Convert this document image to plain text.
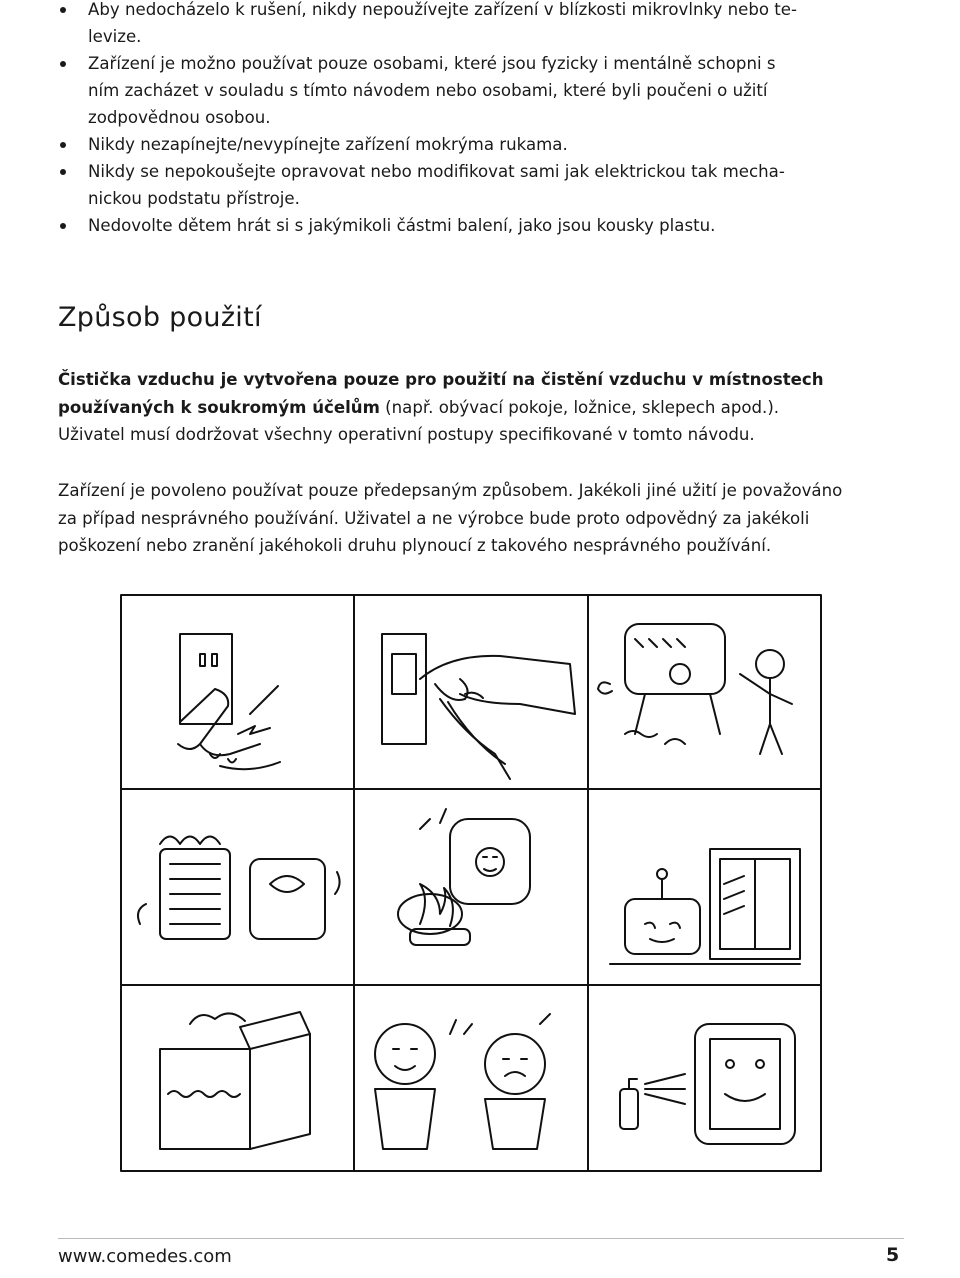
Aby nedocházelo k rušení, nikdy nepoužívejte zařízení v blízkosti mikrovlnky nebo te-
levize.
Zařízení je možno používat pouze osobami, které jsou fyzicky i mentálně schopni s
ním zacházet v souladu s tímto návodem nebo osobami, které byli poučeni o užití
zodpovědnou osobou.
Nikdy nezapínejte/nevypínejte zařízení mokrýma rukama.
Nikdy se nepokoušejte opravovat nebo modifikovat sami jak elektrickou tak mecha-
nickou podstatu přístroje.
Nedovolte dětem hrát si s jakýmikoli částmi balení, jako jsou kousky plastu.
Způsob použití

Čistička vzduchu je vytvořena pouze pro použití na čistění vzduchu v místnostech
používaných k soukromým účelům (např. obývací pokoje, ložnice, sklepech apod.).
Uživatel musí dodržovat všechny operativní postupy specifikované v tomto návodu.

Zařízení je povoleno používat pouze předepsaným způsobem. Jakékoli jiné užití je považováno
za případ nesprávného používání. Uživatel a ne výrobce bude proto odpovědný za jakékoli
poškození nebo zranění jakéhokoli druhu plynoucí z takového nesprávného používání.

www.comedes.com	5
